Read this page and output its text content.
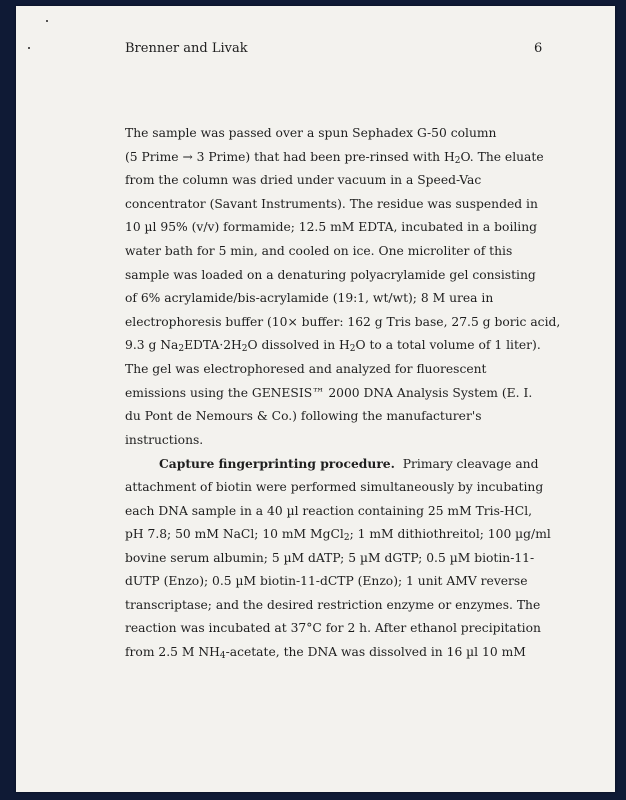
Brenner and Livak	6
The sample was passed over a spun Sephadex G-50 column
(5 Prime → 3 Prime) that had been pre-rinsed with $H_2O$. The eluate
from the column was dried under vacuum in a Speed-Vac
concentrator (Savant Instruments). The residue was suspended in
10 µl 95% (v/v) formamide; 12.5 mM EDTA, incubated in a boiling
water bath for 5 min, and cooled on ice. One microliter of this
sample was loaded on a denaturing polyacrylamide gel consisting
of 6% acrylamide/bis-acrylamide (19:1, wt/wt); 8 M urea in
electrophoresis buffer (10× buffer: 162 g Tris base, 27.5 g boric acid,
9.3 g $Na_2EDTA\cdot 2H_2O$ dissolved in $H_2O$ to a total volume of 1 liter).
The gel was electrophoresed and analyzed for fluorescent
emissions using the GENESIS™ 2000 DNA Analysis System (E. I.
du Pont de Nemours & Co.) following the manufacturer's
instructions.
Capture fingerprinting procedure.  Primary cleavage and
attachment of biotin were performed simultaneously by incubating
each DNA sample in a 40 µl reaction containing 25 mM Tris-HCl,
pH 7.8; 50 mM NaCl; 10 mM MgCl$_2$; 1 mM dithiothreitol; 100 µg/ml
bovine serum albumin; 5 µM dATP; 5 µM dGTP; 0.5 µM biotin-11-
dUTP (Enzo); 0.5 µM biotin-11-dCTP (Enzo); 1 unit AMV reverse
transcriptase; and the desired restriction enzyme or enzymes. The
reaction was incubated at 37°C for 2 h. After ethanol precipitation
from 2.5 M $NH_4$-acetate, the DNA was dissolved in 16 µl 10 mM
